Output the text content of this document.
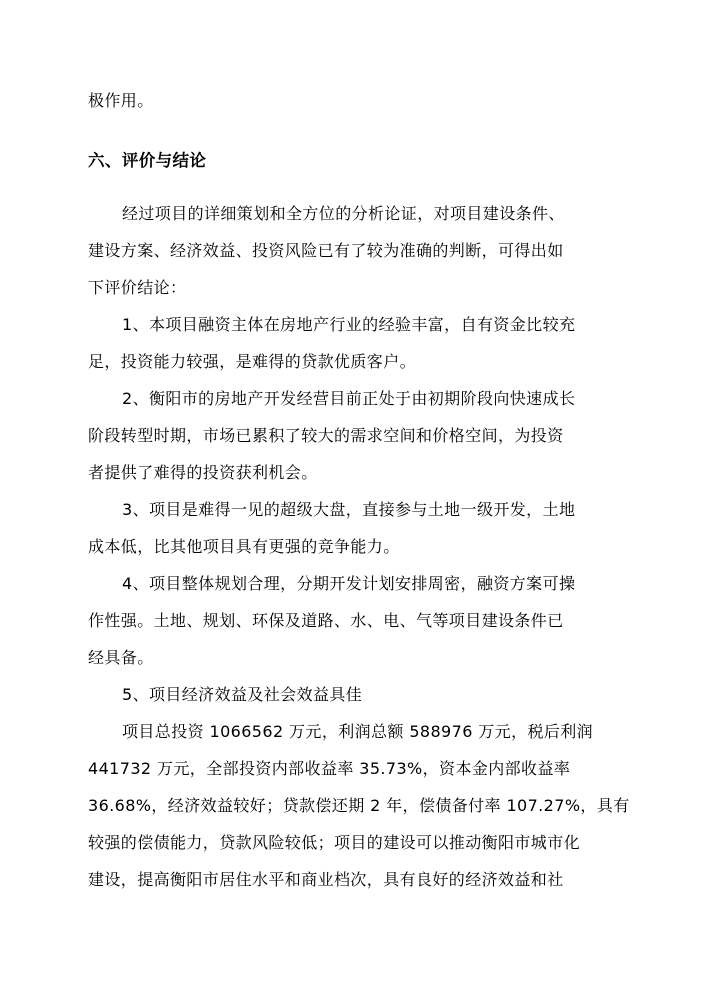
极作用。
六、评价与结论
经过项目的详细策划和全方位的分析论证，对项目建设条件、
建设方案、经济效益、投资风险已有了较为准确的判断，可得出如
下评价结论：
1、本项目融资主体在房地产行业的经验丰富，自有资金比较充
足，投资能力较强，是难得的贷款优质客户。
2、衡阳市的房地产开发经营目前正处于由初期阶段向快速成长
阶段转型时期，市场已累积了较大的需求空间和价格空间，为投资
者提供了难得的投资获利机会。
3、项目是难得一见的超级大盘，直接参与土地一级开发，土地
成本低，比其他项目具有更强的竞争能力。
4、项目整体规划合理，分期开发计划安排周密，融资方案可操
作性强。土地、规划、环保及道路、水、电、气等项目建设条件已
经具备。
5、项目经济效益及社会效益具佳
项目总投资 1066562 万元，利润总额 588976 万元，税后利润
441732 万元，全部投资内部收益率 35.73%，资本金内部收益率
36.68%，经济效益较好；贷款偿还期 2 年，偿债备付率 107.27%，具有
较强的偿债能力，贷款风险较低；项目的建设可以推动衡阳市城市化
建设，提高衡阳市居住水平和商业档次，具有良好的经济效益和社
